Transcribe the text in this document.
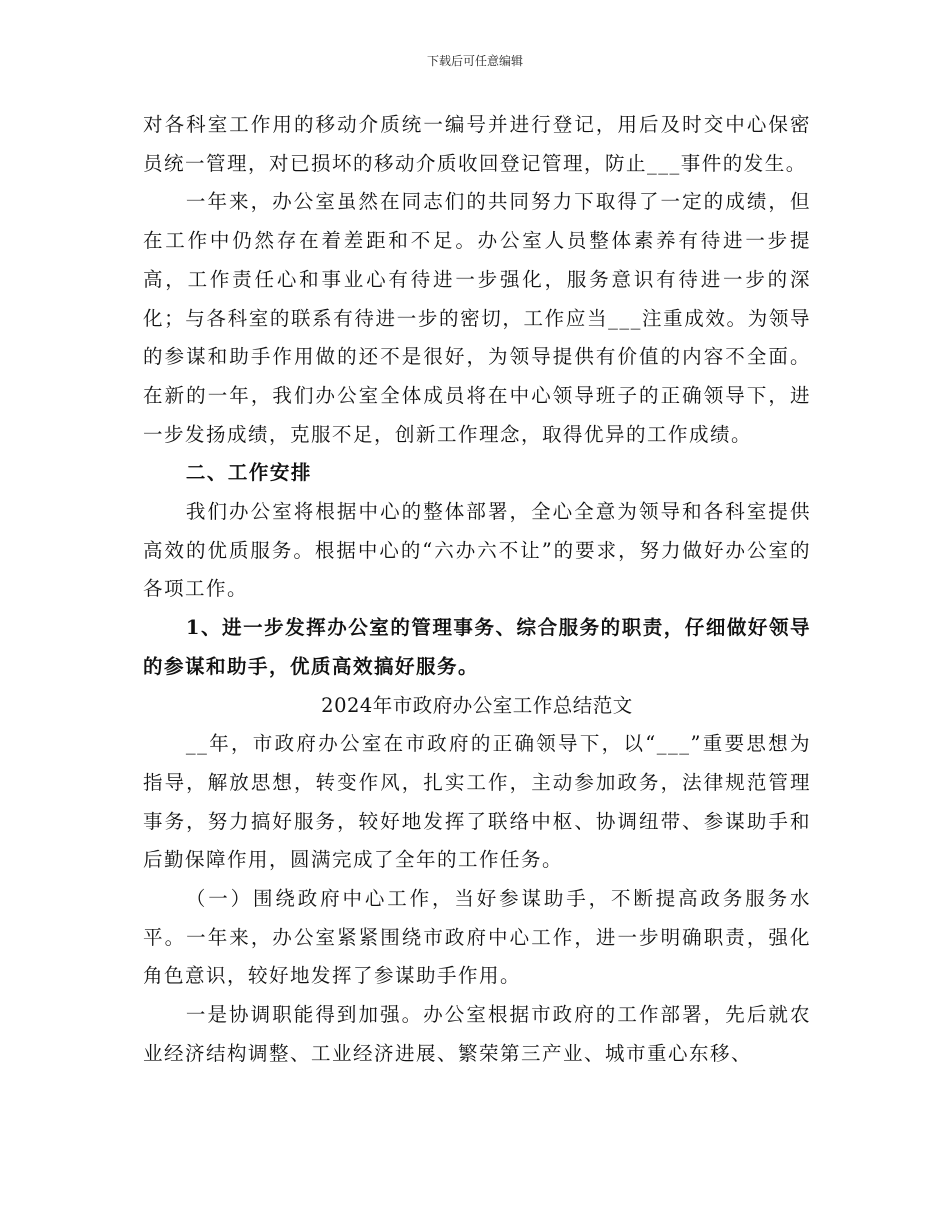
下载后可任意编辑

对各科室工作用的移动介质统一编号并进行登记，用后及时交中心保密员统一管理，对已损坏的移动介质收回登记管理，防止___事件的发生。

一年来，办公室虽然在同志们的共同努力下取得了一定的成绩，但在工作中仍然存在着差距和不足。办公室人员整体素养有待进一步提高，工作责任心和事业心有待进一步强化，服务意识有待进一步的深化；与各科室的联系有待进一步的密切，工作应当___注重成效。为领导的参谋和助手作用做的还不是很好，为领导提供有价值的内容不全面。在新的一年，我们办公室全体成员将在中心领导班子的正确领导下，进一步发扬成绩，克服不足，创新工作理念，取得优异的工作成绩。

二、工作安排

我们办公室将根据中心的整体部署，全心全意为领导和各科室提供高效的优质服务。根据中心的“六办六不让”的要求，努力做好办公室的各项工作。

1、进一步发挥办公室的管理事务、综合服务的职责，仔细做好领导的参谋和助手，优质高效搞好服务。

2024年市政府办公室工作总结范文

__年，市政府办公室在市政府的正确领导下，以“___”重要思想为指导，解放思想，转变作风，扎实工作，主动参加政务，法律规范管理事务，努力搞好服务，较好地发挥了联络中枢、协调纽带、参谋助手和后勤保障作用，圆满完成了全年的工作任务。

（一）围绕政府中心工作，当好参谋助手，不断提高政务服务水平。一年来，办公室紧紧围绕市政府中心工作，进一步明确职责，强化角色意识，较好地发挥了参谋助手作用。

一是协调职能得到加强。办公室根据市政府的工作部署，先后就农业经济结构调整、工业经济进展、繁荣第三产业、城市重心东移、
